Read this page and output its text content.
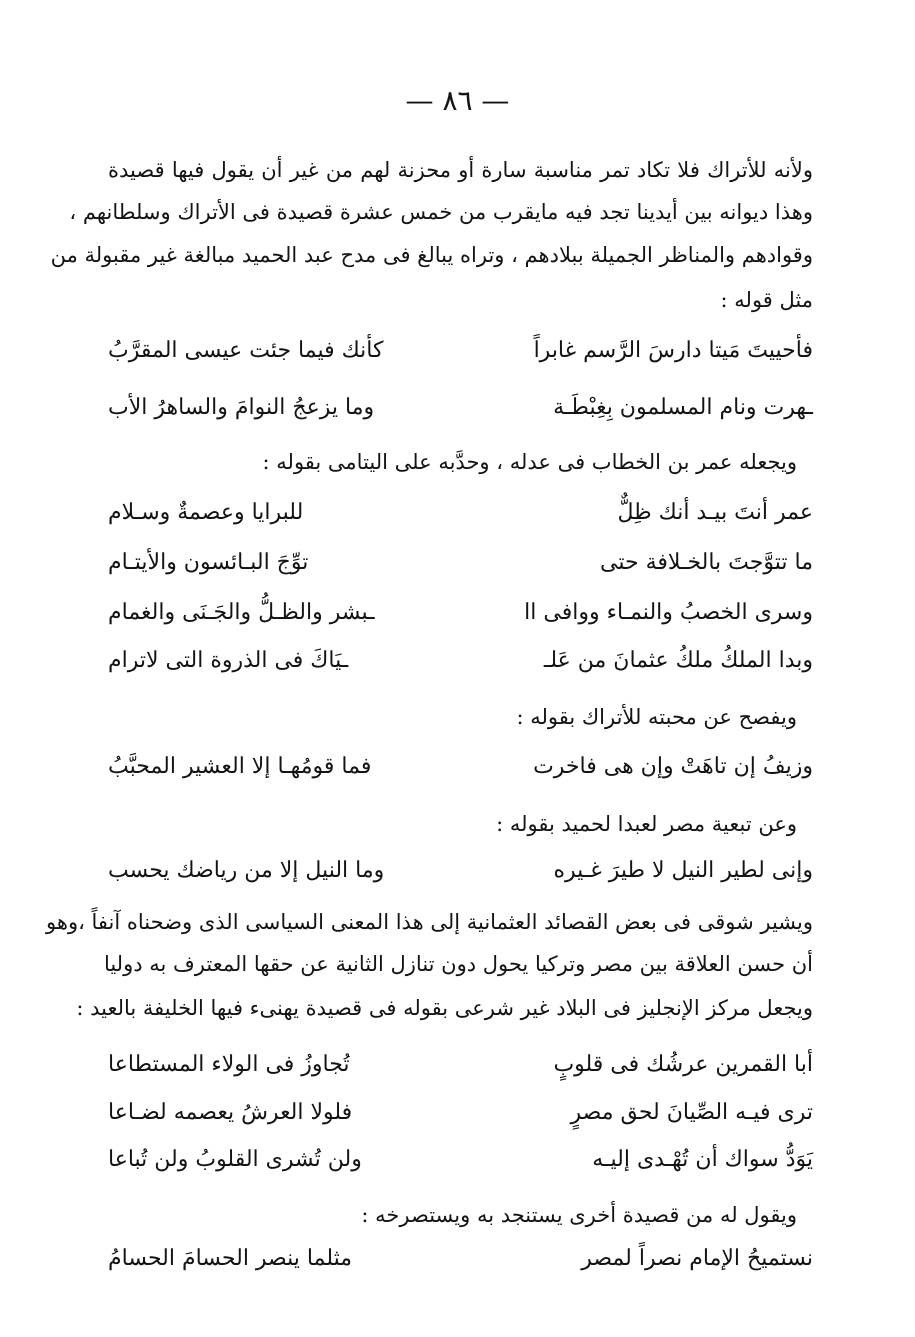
— ٨٦ —
ولأنه للأتراك فلا تكاد تمر مناسبة سارة أو محزنة لهم من غير أن يقول فيها قصيدة
وهذا ديوانه بين أيدينا تجد فيه مايقرب من خمس عشرة قصيدة فى الأتراك وسلطانهم ،
وقوادهم والمناظر الجميلة ببلادهم ، وتراه يبالغ فى مدح عبد الحميد مبالغة غير مقبولة من
مثل قوله :
فأحييتَ مَيتا دارسَ الرَّسم غابراً
كأنك فيما جئت عيسى المقرَّبُ
ـهرت ونام المسلمون بِغِبْطَـة
وما يزعجُ النوامَ والساهرُ الأب
ويجعله عمر بن الخطاب فى عدله ، وحدَّبه على اليتامى بقوله :
عمر أنتَ بيـد أنك ظِلٌّ
للبرايا وعصمةٌ وسـلام
ما تتوَّجتَ بالخـلافة حتى
توِّجَ البـائسون والأيتـام
وسرى الخصبُ والنمـاء ووافى اا
ـبشر والظـلُّ والجَـنَى والغمام
وبدا الملكُ ملكُ عثمانَ من عَلـ
ـيَاكَ فى الذروة التى لاترام
ويفصح عن محبته للأتراك بقوله :
وزيفُ إن تاهَتْ وإن هى فاخرت
فما قومُهـا إلا العشير المحبَّبُ
وعن تبعية مصر لعبدا لحميد بقوله :
وإنى لطير النيل لا طيرَ غـيره
وما النيل إلا من رياضك يحسب
ويشير شوقى فى بعض القصائد العثمانية إلى هذا المعنى السياسى الذى وضحناه آنفاً ،وهو
أن حسن العلاقة بين مصر وتركيا يحول دون تنازل الثانية عن حقها المعترف به دوليا
ويجعل مركز الإنجليز فى البلاد غير شرعى بقوله فى قصيدة يهنىء فيها الخليفة بالعيد :
أبا القمرين عرشُك فى قلوبٍ
تُجاوزُ فى الولاء المستطاعا
ترى فيـه الصِّيانَ لحق مصرٍ
فلولا العرشُ يعصمه لضـاعا
يَوَدُّ سواك أن تُهْـدى إليـه
ولن تُشرى القلوبُ ولن تُباعا
ويقول له من قصيدة أخرى يستنجد به ويستصرخه :
نستميحُ الإمام نصراً لمصر
مثلما ينصر الحسامَ الحسامُ
